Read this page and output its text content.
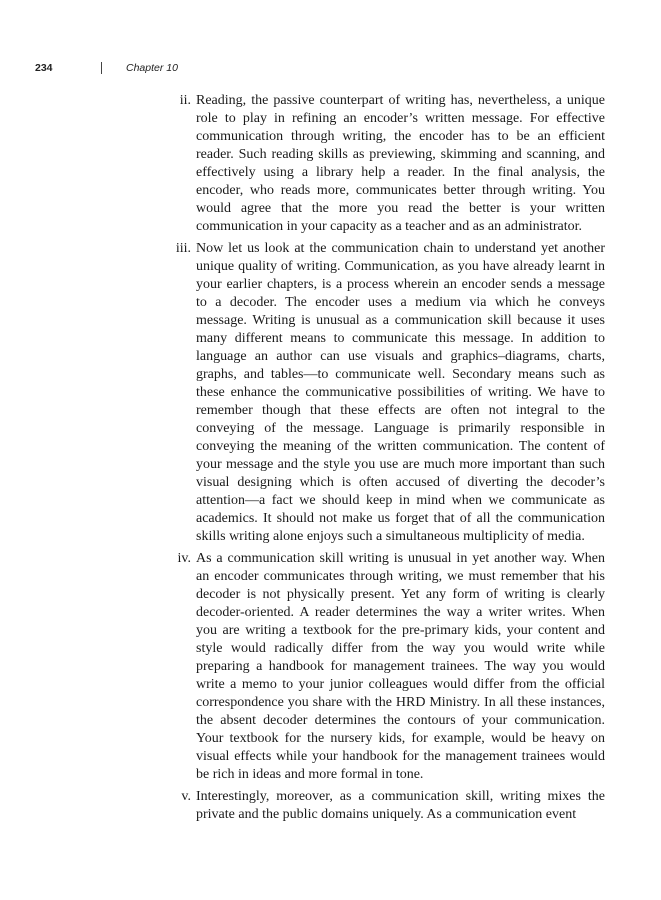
234	Chapter 10
ii. Reading, the passive counterpart of writing has, nevertheless, a unique role to play in refining an encoder’s written message. For effective communication through writing, the encoder has to be an efficient reader. Such reading skills as previewing, skimming and scanning, and effectively using a library help a reader. In the final analysis, the encoder, who reads more, communicates better through writing. You would agree that the more you read the better is your written communication in your capacity as a teacher and as an administrator.

iii. Now let us look at the communication chain to understand yet another unique quality of writing. Communication, as you have already learnt in your earlier chapters, is a process wherein an encoder sends a message to a decoder. The encoder uses a medium via which he conveys message. Writing is unusual as a communication skill because it uses many different means to communicate this message. In addition to language an author can use visuals and graphics–diagrams, charts, graphs, and tables—to communicate well. Secondary means such as these enhance the communicative possibilities of writing. We have to remember though that these effects are often not integral to the conveying of the message. Language is primarily responsible in conveying the meaning of the written communication. The content of your message and the style you use are much more important than such visual designing which is often accused of diverting the decoder’s attention—a fact we should keep in mind when we communicate as academics. It should not make us forget that of all the communication skills writing alone enjoys such a simultaneous multiplicity of media.

iv. As a communication skill writing is unusual in yet another way. When an encoder communicates through writing, we must remember that his decoder is not physically present. Yet any form of writing is clearly decoder-oriented. A reader determines the way a writer writes. When you are writing a textbook for the pre-primary kids, your content and style would radically differ from the way you would write while preparing a handbook for management trainees. The way you would write a memo to your junior colleagues would differ from the official correspondence you share with the HRD Ministry. In all these instances, the absent decoder determines the contours of your communication. Your textbook for the nursery kids, for example, would be heavy on visual effects while your handbook for the management trainees would be rich in ideas and more formal in tone.

v. Interestingly, moreover, as a communication skill, writing mixes the private and the public domains uniquely. As a communication event
